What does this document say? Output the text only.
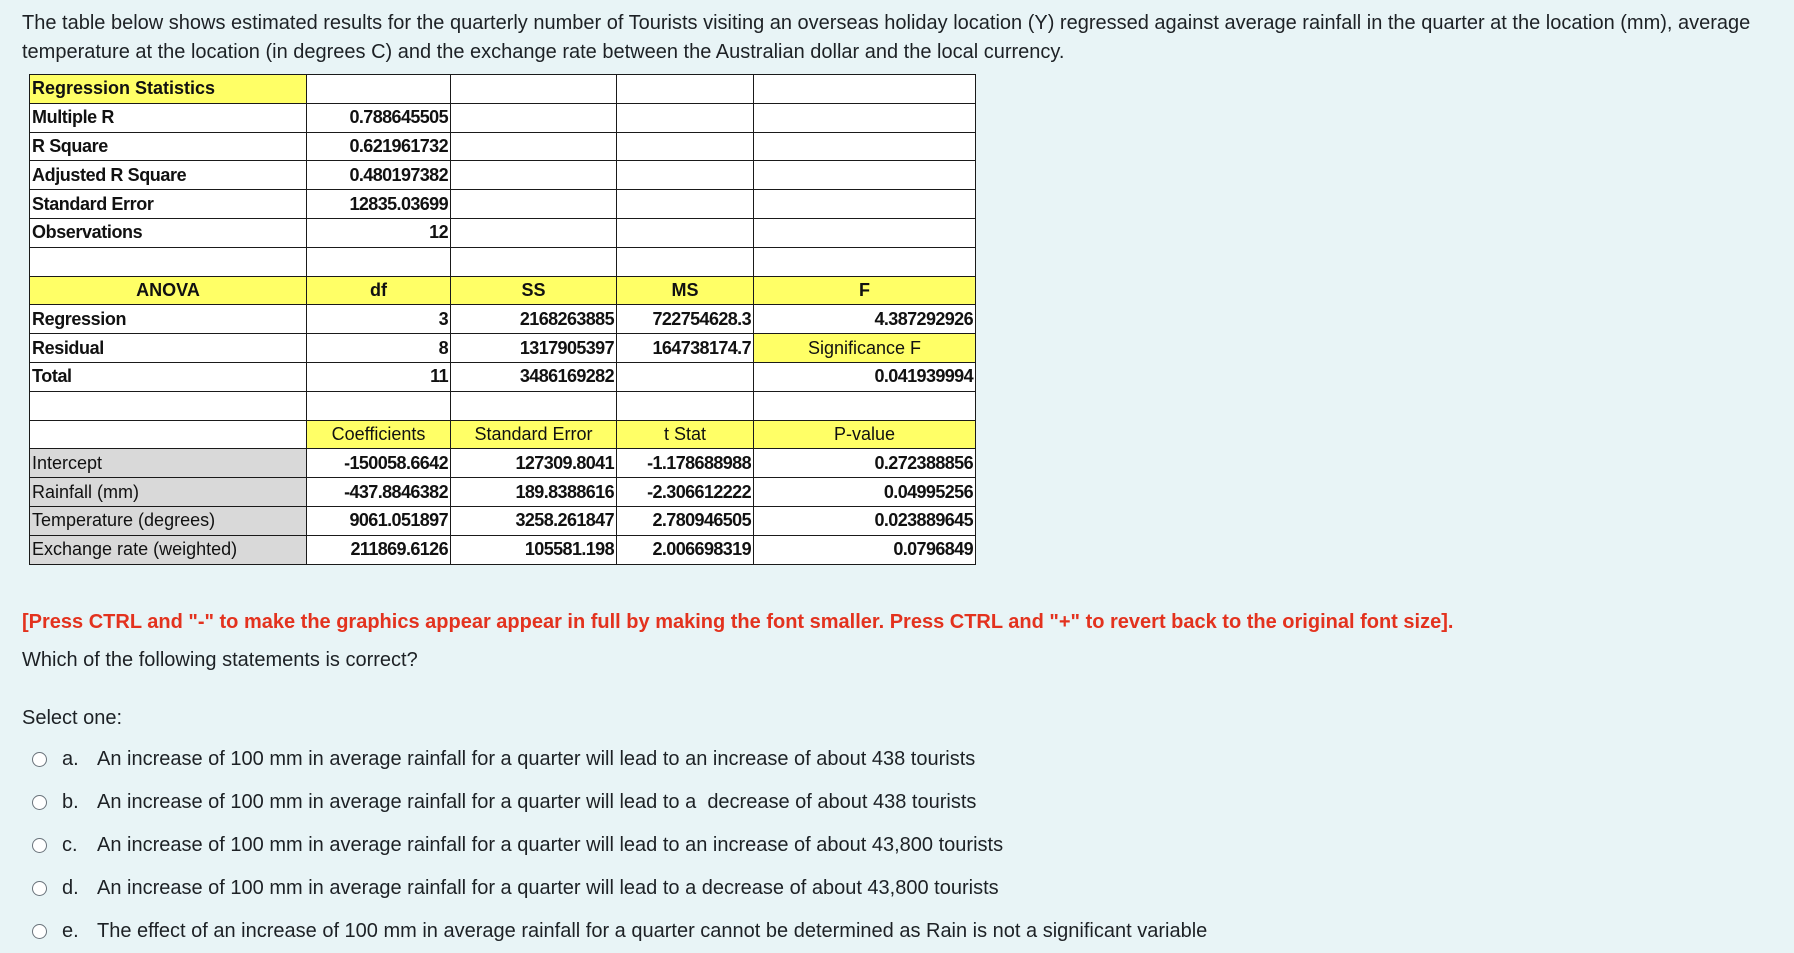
The table below shows estimated results for the quarterly number of Tourists visiting an overseas holiday location (Y) regressed against average rainfall in the quarter at the location (mm), average temperature at the location (in degrees C) and the exchange rate between the Australian dollar and the local currency.

Regression Statistics				
Multiple R	0.788645505			
R Square	0.621961732			
Adjusted R Square	0.480197382			
Standard Error	12835.03699			
Observations	12			

ANOVA	df	SS	MS	F
Regression	3	2168263885	722754628.3	4.387292926
Residual	8	1317905397	164738174.7	Significance F
Total	11	3486169282		0.041939994

	Coefficients	Standard Error	t Stat	P-value
Intercept	-150058.6642	127309.8041	-1.178688988	0.272388856
Rainfall (mm)	-437.8846382	189.8388616	-2.306612222	0.04995256
Temperature (degrees)	9061.051897	3258.261847	2.780946505	0.023889645
Exchange rate (weighted)	211869.6126	105581.198	2.006698319	0.0796849

[Press CTRL and "-" to make the graphics appear appear in full by making the font smaller. Press CTRL and "+" to revert back to the original font size].

Which of the following statements is correct?

Select one:

a. An increase of 100 mm in average rainfall for a quarter will lead to an increase of about 438 tourists
b. An increase of 100 mm in average rainfall for a quarter will lead to a  decrease of about 438 tourists
c. An increase of 100 mm in average rainfall for a quarter will lead to an increase of about 43,800 tourists
d. An increase of 100 mm in average rainfall for a quarter will lead to a decrease of about 43,800 tourists
e. The effect of an increase of 100 mm in average rainfall for a quarter cannot be determined as Rain is not a significant variable
